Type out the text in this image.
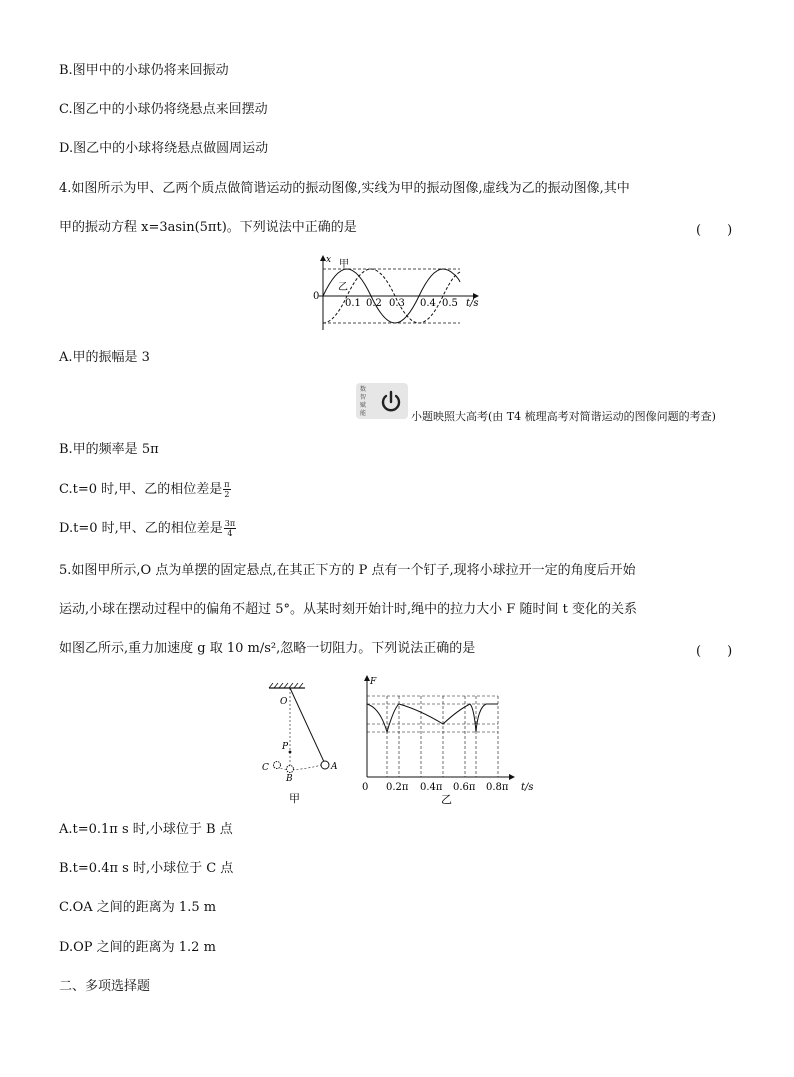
B.图甲中的小球仍将来回振动
C.图乙中的小球仍将绕悬点来回摆动
D.图乙中的小球将绕悬点做圆周运动
4.如图所示为甲、乙两个质点做简谐运动的振动图像,实线为甲的振动图像,虚线为乙的振动图像,其中
甲的振动方程 x=3asin(5πt)。下列说法中正确的是	(　　)
x 甲
乙
0
0.1 0.2 0.3 0.4 0.5 t/s
A.甲的振幅是 3
数智赋能	小题映照大高考(由 T4 梳理高考对简谐运动的图像问题的考查)
B.甲的频率是 5π
C.t=0 时,甲、乙的相位差是 $\frac{\pi}{2}$
D.t=0 时,甲、乙的相位差是 $\frac{3\pi}{4}$
5.如图甲所示,O 点为单摆的固定悬点,在其正下方的 P 点有一个钉子,现将小球拉开一定的角度后开始
运动,小球在摆动过程中的偏角不超过 5°。从某时刻开始计时,绳中的拉力大小 F 随时间 t 变化的关系
如图乙所示,重力加速度 g 取 10 m/s²,忽略一切阻力。下列说法正确的是	(　　)
O
P
A
B
C
甲
F
0 0.2π 0.4π 0.6π 0.8π t/s
乙
A.t=0.1π s 时,小球位于 B 点
B.t=0.4π s 时,小球位于 C 点
C.OA 之间的距离为 1.5 m
D.OP 之间的距离为 1.2 m
二、多项选择题
